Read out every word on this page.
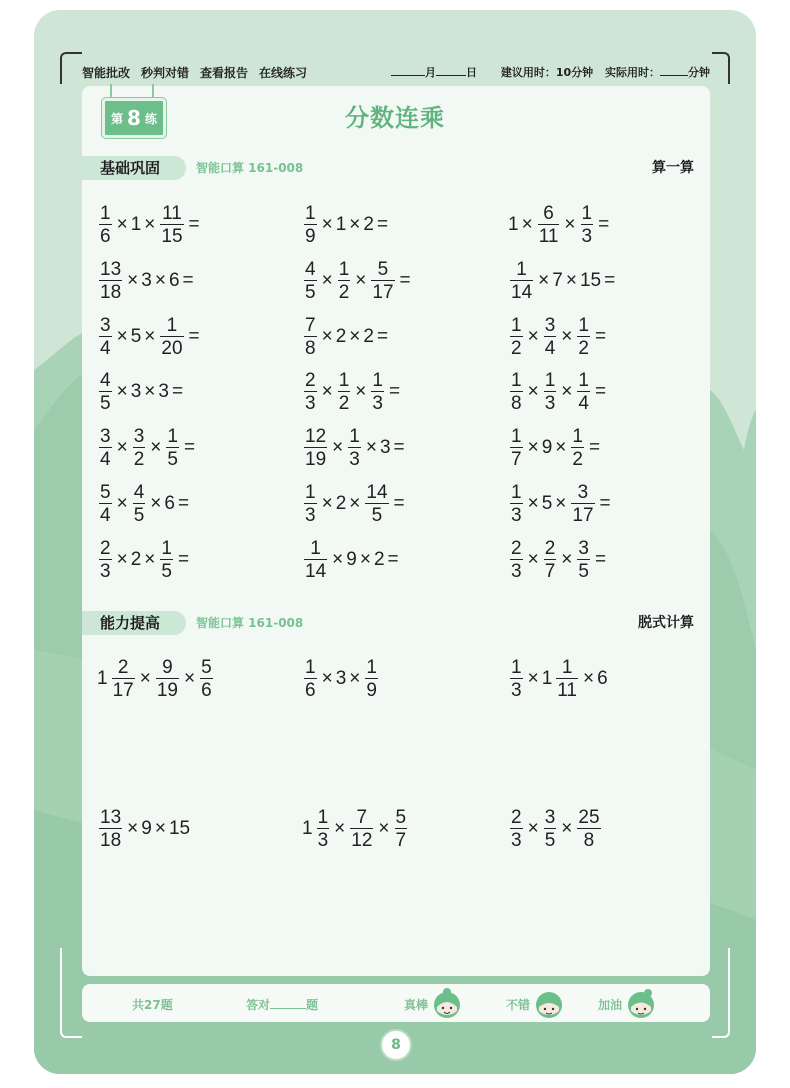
智能批改 秒判对错 查看报告 在线练习	月	日 建议用时：10分钟 实际用时：	分钟
第 8 练	分数连乘
基础巩固	智能口算 161-008	算一算
能力提高	智能口算 161-008	脱式计算
$\frac{1}{6} \times 1 \times \frac{11}{15}$ =	$\frac{1}{9} \times 1 \times 2$ =	$1 \times \frac{6}{11} \times \frac{1}{3}$ =
$\frac{13}{18} \times 3 \times 6$ =	$\frac{4}{5} \times \frac{1}{2} \times \frac{5}{17}$ =	$\frac{1}{14} \times 7 \times 15$ =
$\frac{3}{4} \times 5 \times \frac{1}{20}$ =	$\frac{7}{8} \times 2 \times 2$ =	$\frac{1}{2} \times \frac{3}{4} \times \frac{1}{2}$ =
$\frac{4}{5} \times 3 \times 3$ =	$\frac{2}{3} \times \frac{1}{2} \times \frac{1}{3}$ =	$\frac{1}{8} \times \frac{1}{3} \times \frac{1}{4}$ =
$\frac{3}{4} \times \frac{3}{2} \times \frac{1}{5}$ =	$\frac{12}{19} \times \frac{1}{3} \times 3$ =	$\frac{1}{7} \times 9 \times \frac{1}{2}$ =
$\frac{5}{4} \times \frac{4}{5} \times 6$ =	$\frac{1}{3} \times 2 \times \frac{14}{5}$ =	$\frac{1}{3} \times 5 \times \frac{3}{17}$ =
$\frac{2}{3} \times 2 \times \frac{1}{5}$ =	$\frac{1}{14} \times 9 \times 2$ =	$\frac{2}{3} \times \frac{2}{7} \times \frac{3}{5}$ =
$1 \frac{2}{17} \times \frac{9}{19} \times \frac{5}{6}$	$\frac{1}{6} \times 3 \times \frac{1}{9}$	$\frac{1}{3} \times 1 \frac{1}{11} \times 6$
$\frac{13}{18} \times 9 \times 15$	$1 \frac{1}{3} \times \frac{7}{12} \times \frac{5}{7}$	$\frac{2}{3} \times \frac{3}{5} \times \frac{25}{8}$
共27题	答对	题	真棒	不错	加油
8
